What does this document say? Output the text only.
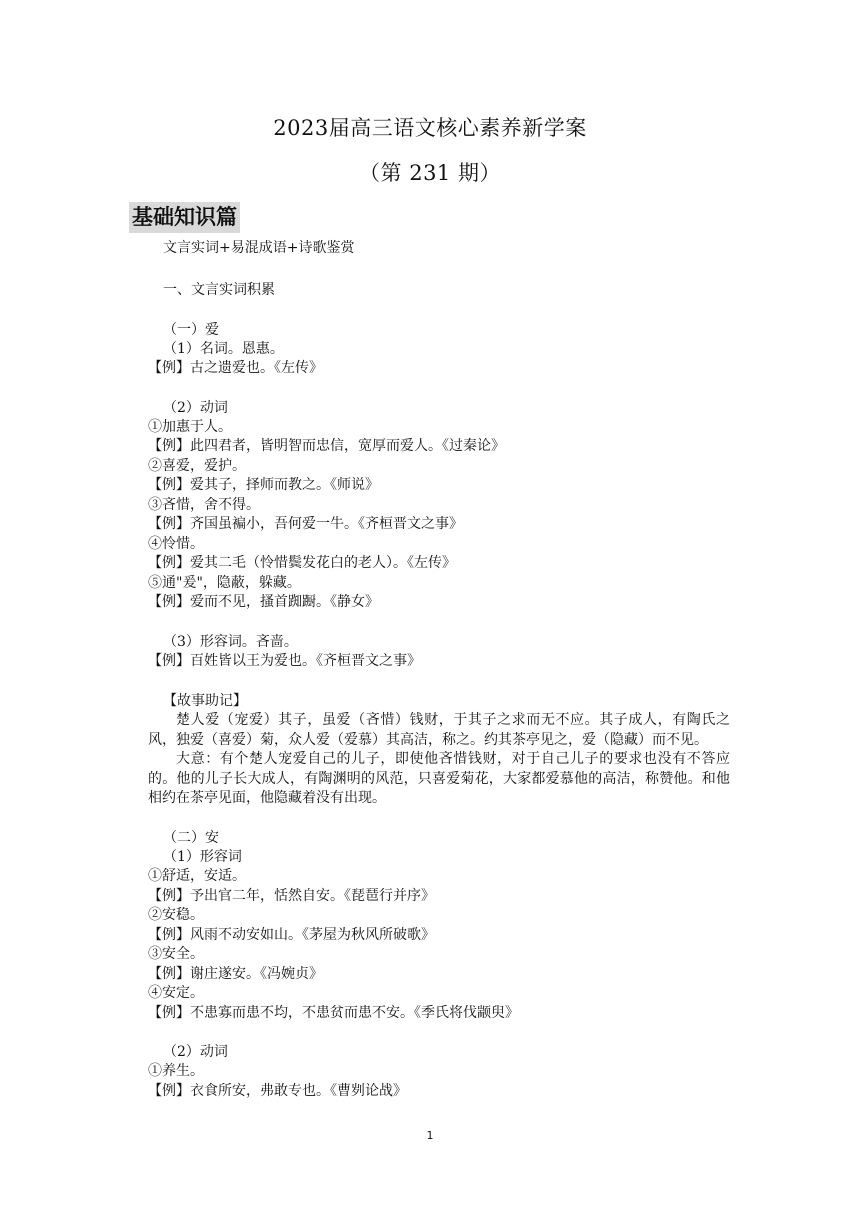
2023届高三语文核心素养新学案
（第 231 期）
基础知识篇
文言实词+易混成语+诗歌鉴赏
一、文言实词积累
（一）爱
（1）名词。恩惠。
【例】古之遗爱也。《左传》
（2）动词
①加惠于人。
【例】此四君者，皆明智而忠信，宽厚而爱人。《过秦论》
②喜爱，爱护。
【例】爱其子，择师而教之。《师说》
③吝惜，舍不得。
【例】齐国虽褊小，吾何爱一牛。《齐桓晋文之事》
④怜惜。
【例】爱其二毛（怜惜鬓发花白的老人）。《左传》
⑤通"爰"，隐蔽，躲藏。
【例】爱而不见，搔首踟蹰。《静女》
（3）形容词。吝啬。
【例】百姓皆以王为爱也。《齐桓晋文之事》
【故事助记】
楚人爱（宠爱）其子，虽爱（吝惜）钱财，于其子之求而无不应。其子成人，有陶氏之风，独爱（喜爱）菊，众人爱（爱慕）其高洁，称之。约其茶亭见之，爱（隐藏）而不见。
大意：有个楚人宠爱自己的儿子，即使他吝惜钱财，对于自己儿子的要求也没有不答应的。他的儿子长大成人，有陶渊明的风范，只喜爱菊花，大家都爱慕他的高洁，称赞他。和他相约在茶亭见面，他隐藏着没有出现。
（二）安
（1）形容词
①舒适，安适。
【例】予出官二年，恬然自安。《琵琶行并序》
②安稳。
【例】风雨不动安如山。《茅屋为秋风所破歌》
③安全。
【例】谢庄遂安。《冯婉贞》
④安定。
【例】不患寡而患不均，不患贫而患不安。《季氏将伐颛臾》
（2）动词
①养生。
【例】衣食所安，弗敢专也。《曹刿论战》
1
